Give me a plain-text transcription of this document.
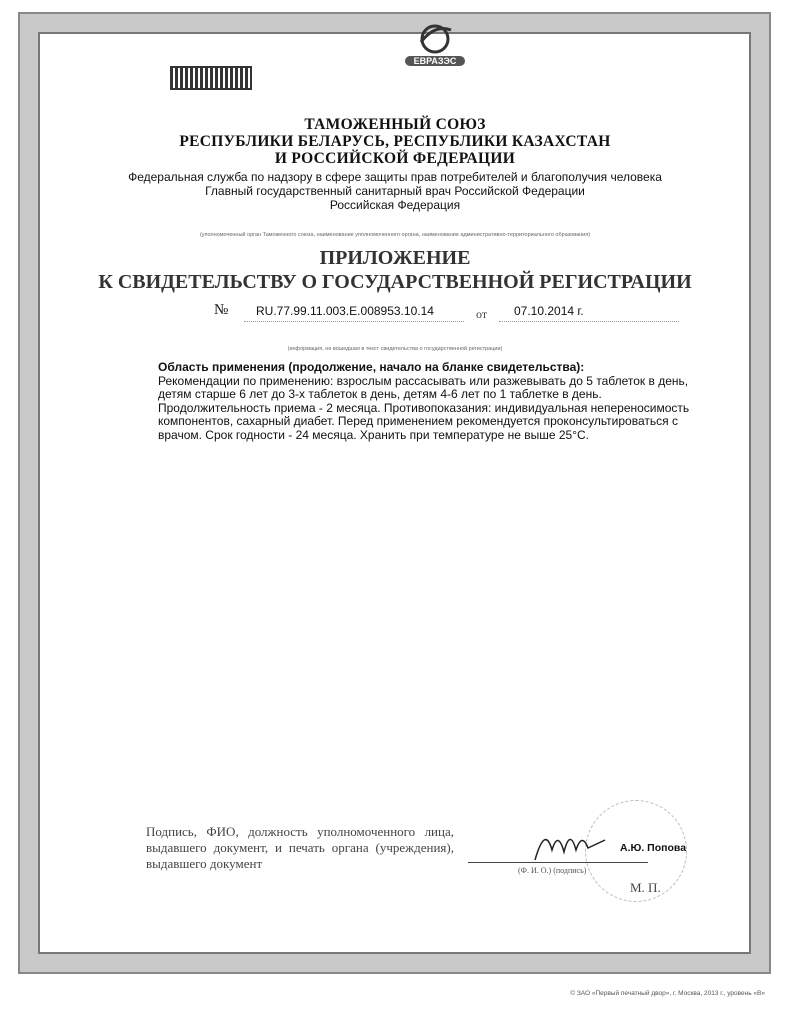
ЕВРАЗЭС
ТАМОЖЕННЫЙ СОЮЗ
РЕСПУБЛИКИ БЕЛАРУСЬ, РЕСПУБЛИКИ КАЗАХСТАН
И РОССИЙСКОЙ ФЕДЕРАЦИИ
Федеральная служба по надзору в сфере защиты прав потребителей и благополучия человека
Главный государственный санитарный врач Российской Федерации
Российская Федерация
(уполномоченный орган Таможенного союза, наименование уполномоченного органа, наименование административно-территориального образования)
ПРИЛОЖЕНИЕ
К СВИДЕТЕЛЬСТВУ О ГОСУДАРСТВЕННОЙ РЕГИСТРАЦИИ
№ RU.77.99.11.003.Е.008953.10.14	от 07.10.2014 г.
(информация, не вошедшая в текст свидетельства о государственной регистрации)
Область применения (продолжение, начало на бланке свидетельства):
Рекомендации по применению: взрослым рассасывать или разжевывать до 5 таблеток в день, детям старше 6 лет до 3-х таблеток в день, детям 4-6 лет по 1 таблетке в день. Продолжительность приема - 2 месяца. Противопоказания: индивидуальная непереносимость компонентов, сахарный диабет. Перед применением рекомендуется проконсультироваться с врачом. Срок годности - 24 месяца. Хранить при температуре не выше 25°C.
Подпись, ФИО, должность уполномоченного лица, выдавшего документ, и печать органа (учреждения), выдавшего документ
А.Ю. Попова
(Ф. И. О.) (подпись)
М. П.
© ЗАО «Первый печатный двор», г. Москва, 2013 г., уровень «В»
